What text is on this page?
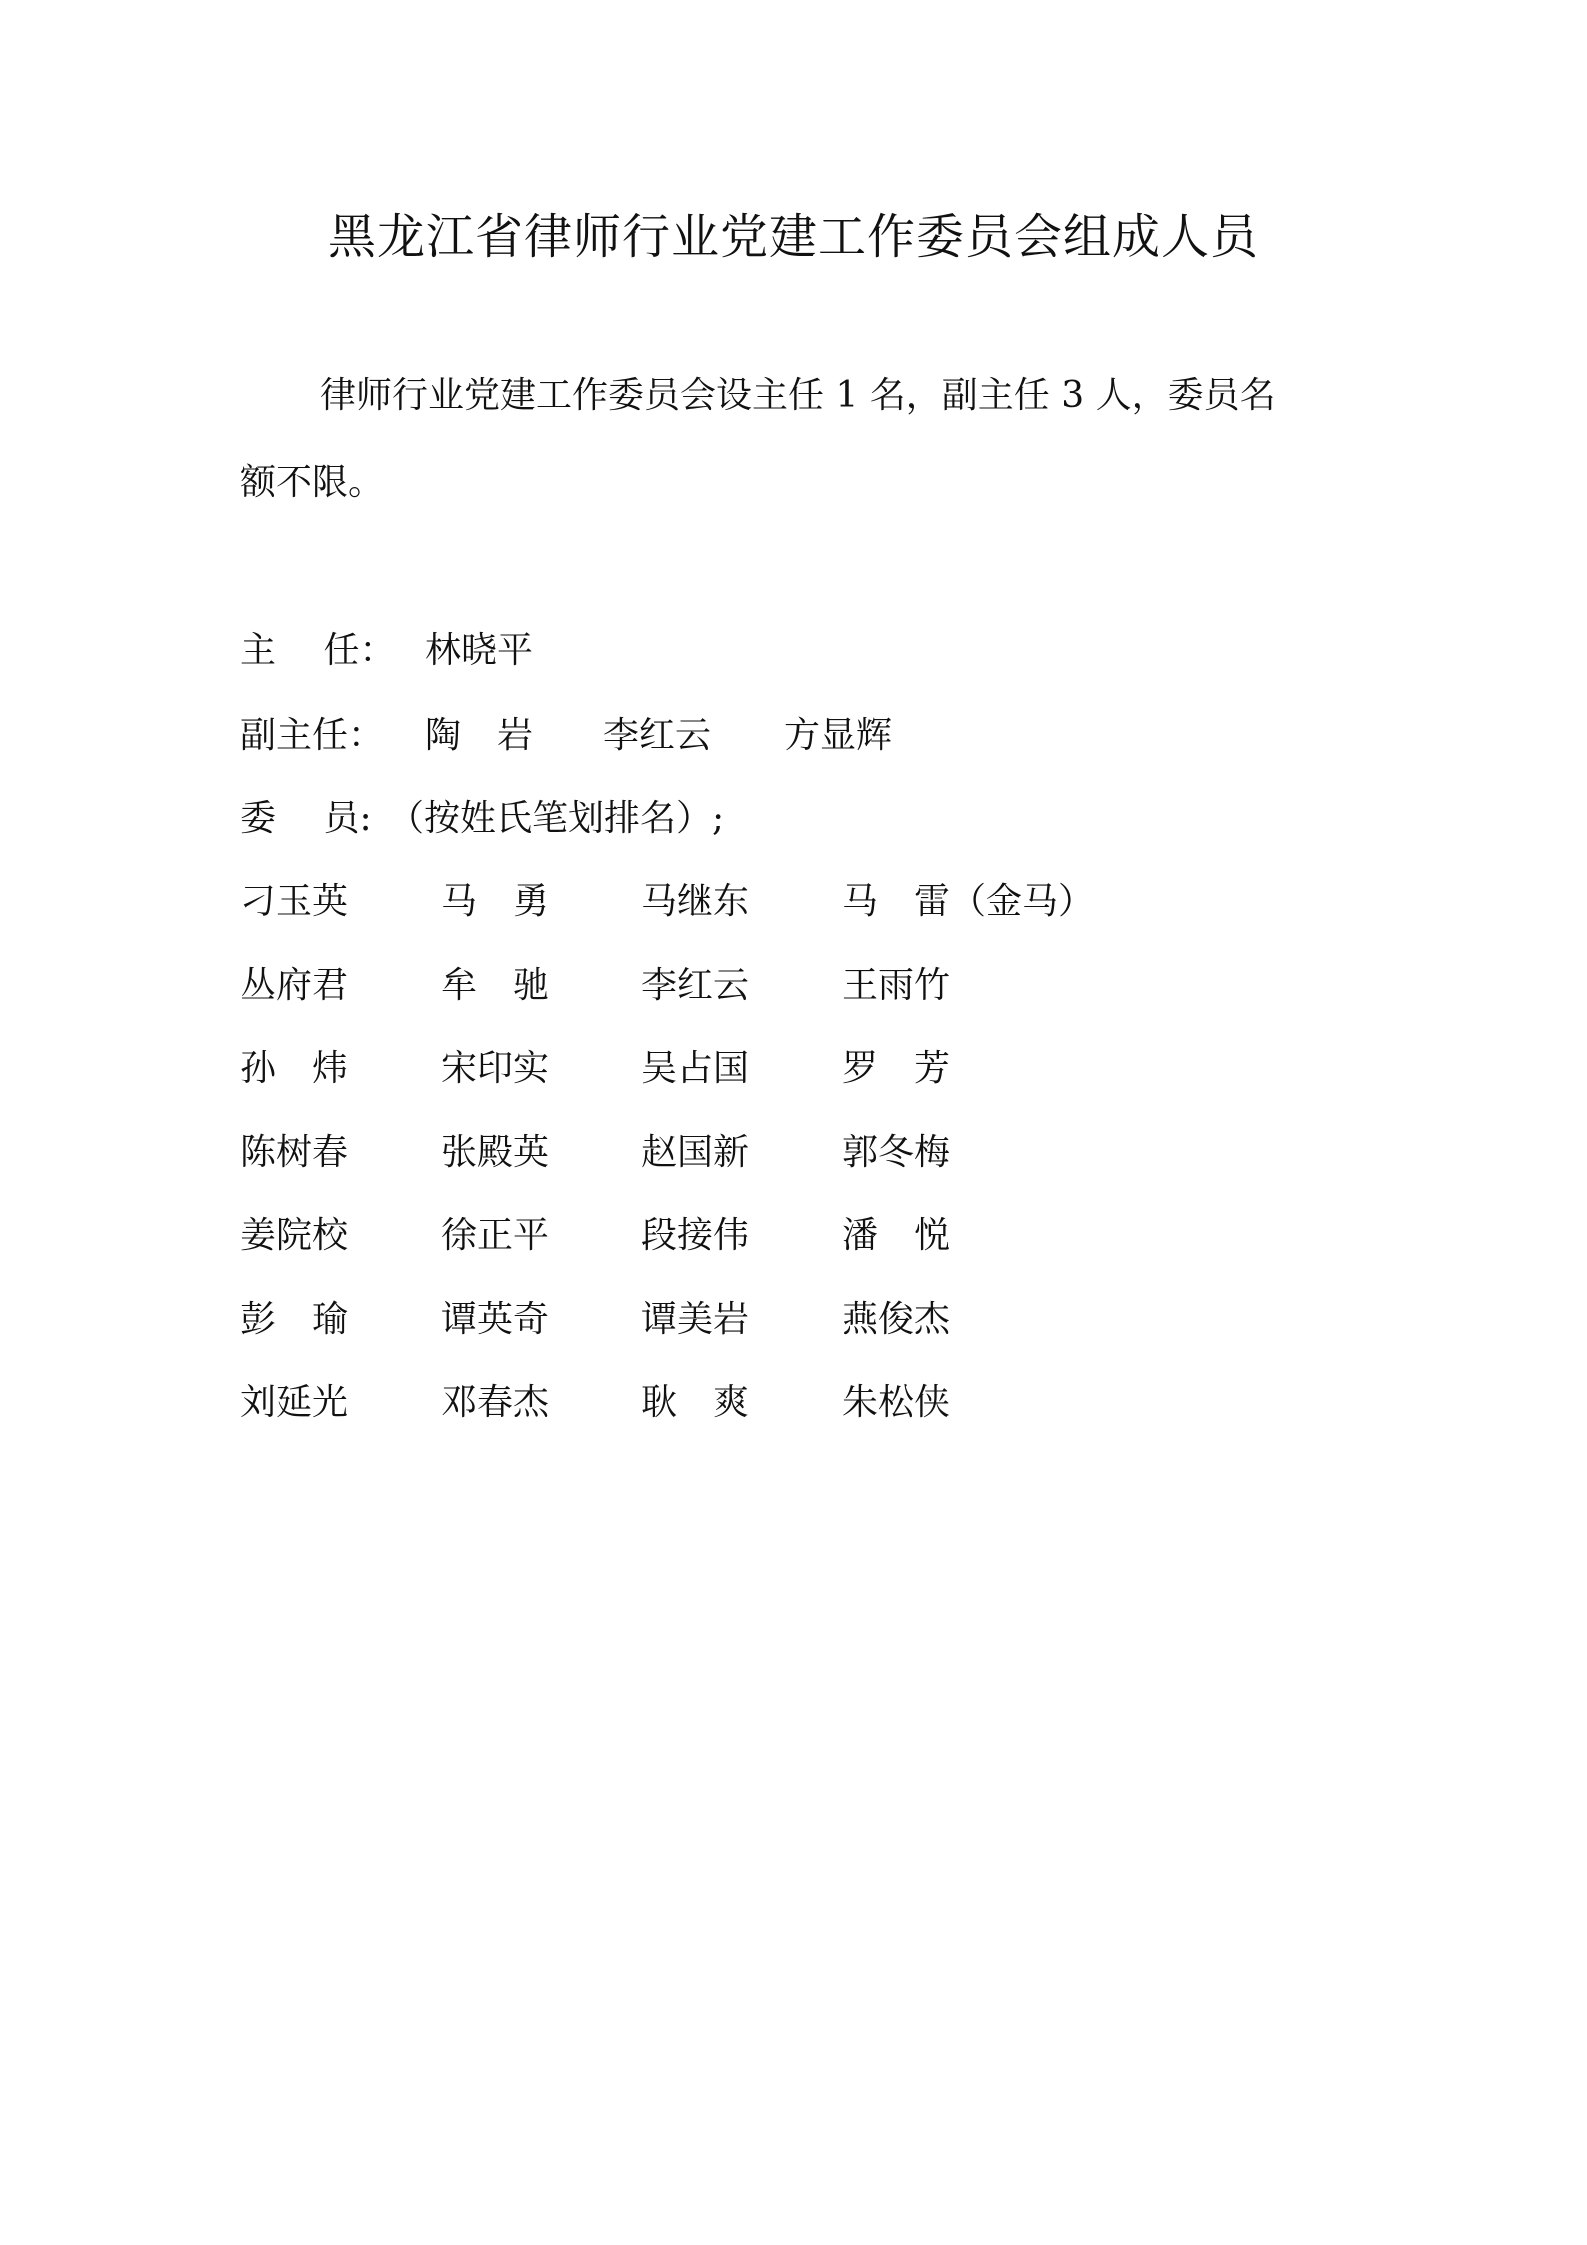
黑龙江省律师行业党建工作委员会组成人员
律师行业党建工作委员会设主任 1 名，副主任 3 人，委员名
额不限。
主　 任： 林晓平
副主任： 陶　岩 李红云 方显辉
委　 员: （按姓氏笔划排名）;
刁玉英	马　勇	马继东	马　雷（金马）
丛府君	牟　驰	李红云	王雨竹
孙　炜	宋印实	吴占国	罗　芳
陈树春	张殿英	赵国新	郭冬梅
姜院校	徐正平	段接伟	潘　悦
彭　瑜	谭英奇	谭美岩	燕俊杰
刘延光	邓春杰	耿　爽	朱松侠
